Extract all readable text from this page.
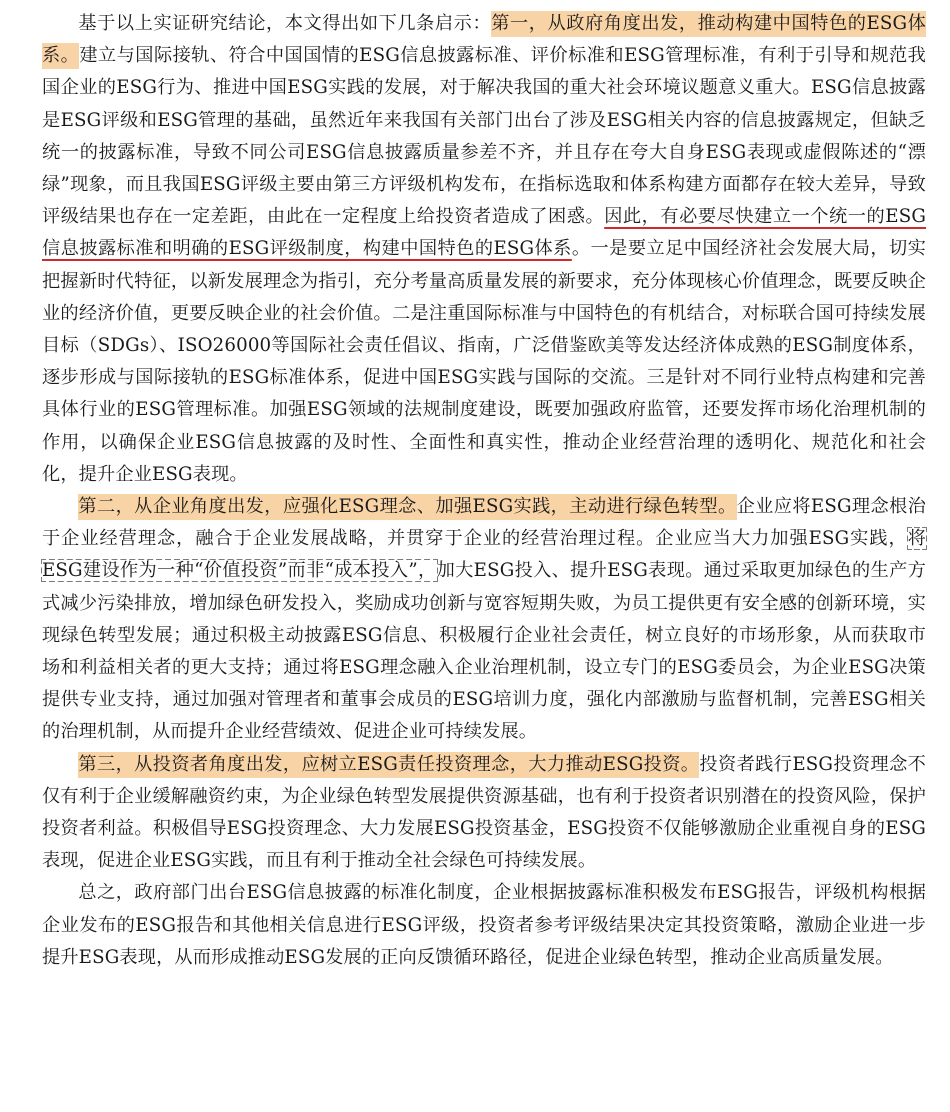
基于以上实证研究结论，本文得出如下几条启示：第一，从政府角度出发，推动构建中国特色的ESG体系。建立与国际接轨、符合中国国情的ESG信息披露标准、评价标准和ESG管理标准，有利于引导和规范我国企业的ESG行为、推进中国ESG实践的发展，对于解决我国的重大社会环境议题意义重大。ESG信息披露是ESG评级和ESG管理的基础，虽然近年来我国有关部门出台了涉及ESG相关内容的信息披露规定，但缺乏统一的披露标准，导致不同公司ESG信息披露质量参差不齐，并且存在夸大自身ESG表现或虚假陈述的“漂绿”现象，而且我国ESG评级主要由第三方评级机构发布，在指标选取和体系构建方面都存在较大差异，导致评级结果也存在一定差距，由此在一定程度上给投资者造成了困惑。因此，有必要尽快建立一个统一的ESG信息披露标准和明确的ESG评级制度，构建中国特色的ESG体系。一是要立足中国经济社会发展大局，切实把握新时代特征，以新发展理念为指引，充分考量高质量发展的新要求，充分体现核心价值理念，既要反映企业的经济价值，更要反映企业的社会价值。二是注重国际标准与中国特色的有机结合，对标联合国可持续发展目标（SDGs）、ISO26000等国际社会责任倡议、指南，广泛借鉴欧美等发达经济体成熟的ESG制度体系，逐步形成与国际接轨的ESG标准体系，促进中国ESG实践与国际的交流。三是针对不同行业特点构建和完善具体行业的ESG管理标准。加强ESG领域的法规制度建设，既要加强政府监管，还要发挥市场化治理机制的作用，以确保企业ESG信息披露的及时性、全面性和真实性，推动企业经营治理的透明化、规范化和社会化，提升企业ESG表现。

第二，从企业角度出发，应强化ESG理念、加强ESG实践，主动进行绿色转型。企业应将ESG理念根治于企业经营理念，融合于企业发展战略，并贯穿于企业的经营治理过程。企业应当大力加强ESG实践，将ESG建设作为一种“价值投资”而非“成本投入”，加大ESG投入、提升ESG表现。通过采取更加绿色的生产方式减少污染排放，增加绿色研发投入，奖励成功创新与宽容短期失败，为员工提供更有安全感的创新环境，实现绿色转型发展；通过积极主动披露ESG信息、积极履行企业社会责任，树立良好的市场形象，从而获取市场和利益相关者的更大支持；通过将ESG理念融入企业治理机制，设立专门的ESG委员会，为企业ESG决策提供专业支持，通过加强对管理者和董事会成员的ESG培训力度，强化内部激励与监督机制，完善ESG相关的治理机制，从而提升企业经营绩效、促进企业可持续发展。

第三，从投资者角度出发，应树立ESG责任投资理念，大力推动ESG投资。投资者践行ESG投资理念不仅有利于企业缓解融资约束，为企业绿色转型发展提供资源基础，也有利于投资者识别潜在的投资风险，保护投资者利益。积极倡导ESG投资理念、大力发展ESG投资基金，ESG投资不仅能够激励企业重视自身的ESG表现，促进企业ESG实践，而且有利于推动全社会绿色可持续发展。

总之，政府部门出台ESG信息披露的标准化制度，企业根据披露标准积极发布ESG报告，评级机构根据企业发布的ESG报告和其他相关信息进行ESG评级，投资者参考评级结果决定其投资策略，激励企业进一步提升ESG表现，从而形成推动ESG发展的正向反馈循环路径，促进企业绿色转型，推动企业高质量发展。
